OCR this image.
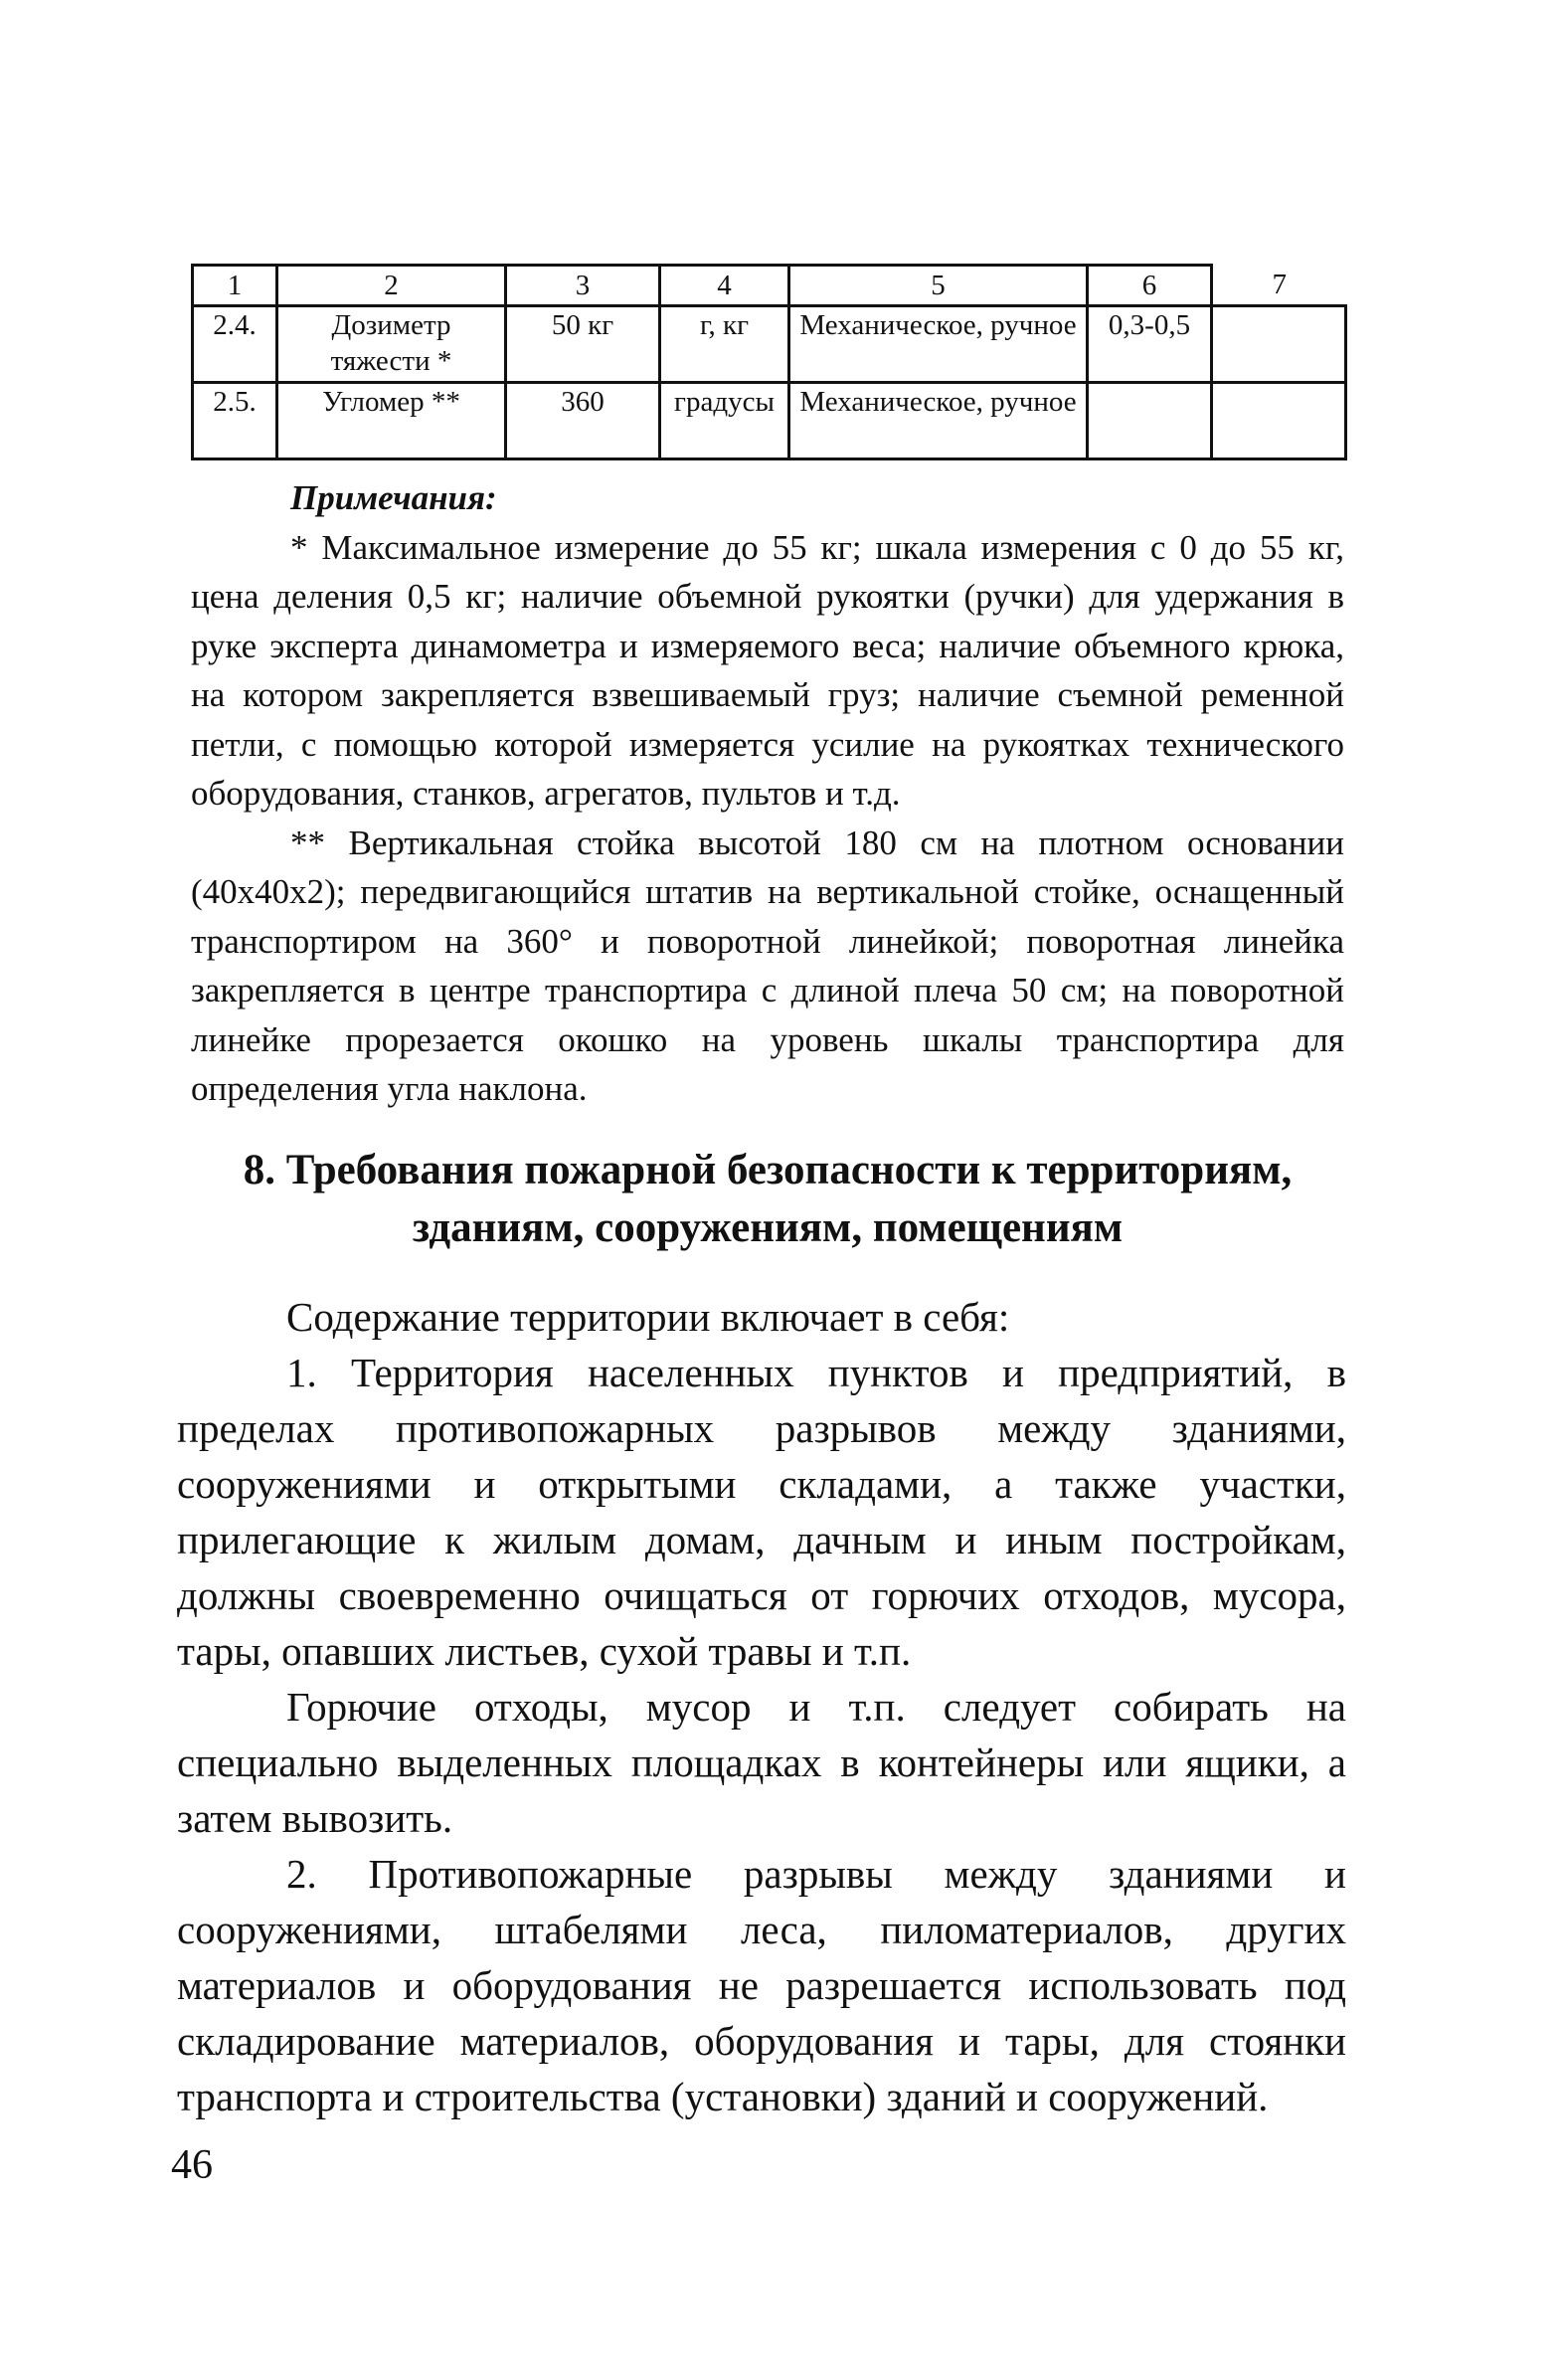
1	2	3	4	5	6	7
2.4.	Дозиметр тяжести *	50 кг	г, кг	Механическое, ручное	0,3-0,5	
2.5.	Угломер **	360	градусы	Механическое, ручное		
Примечания:

* Максимальное измерение до 55 кг; шкала измерения с 0 до 55 кг, цена деления 0,5 кг; наличие объемной рукоятки (ручки) для удержания в руке эксперта динамометра и измеряемого веса; наличие объемного крюка, на котором закрепляется взвешиваемый груз; наличие съемной ременной петли, с помощью которой измеряется усилие на рукоятках технического оборудования, станков, агрегатов, пультов и т.д.

** Вертикальная стойка высотой 180 см на плотном основании (40х40х2); передвигающийся штатив на вертикальной стойке, оснащенный транспортиром на 360° и поворотной линейкой; поворотная линейка закрепляется в центре транспортира с длиной плеча 50 см; на поворотной линейке прорезается окошко на уровень шкалы транспортира для определения угла наклона.

8. Требования пожарной безопасности к территориям,
зданиям, сооружениям, помещениям

Содержание территории включает в себя:

1. Территория населенных пунктов и предприятий, в пределах противопожарных разрывов между зданиями, сооружениями и открытыми складами, а также участки, прилегающие к жилым домам, дачным и иным постройкам, должны своевременно очищаться от горючих отходов, мусора, тары, опавших листьев, сухой травы и т.п.

Горючие отходы, мусор и т.п. следует собирать на специально выделенных площадках в контейнеры или ящики, а затем вывозить.

2. Противопожарные разрывы между зданиями и сооружениями, штабелями леса, пиломатериалов, других материалов и оборудования не разрешается использовать под складирование материалов, оборудования и тары, для стоянки транспорта и строительства (установки) зданий и сооружений.

46
